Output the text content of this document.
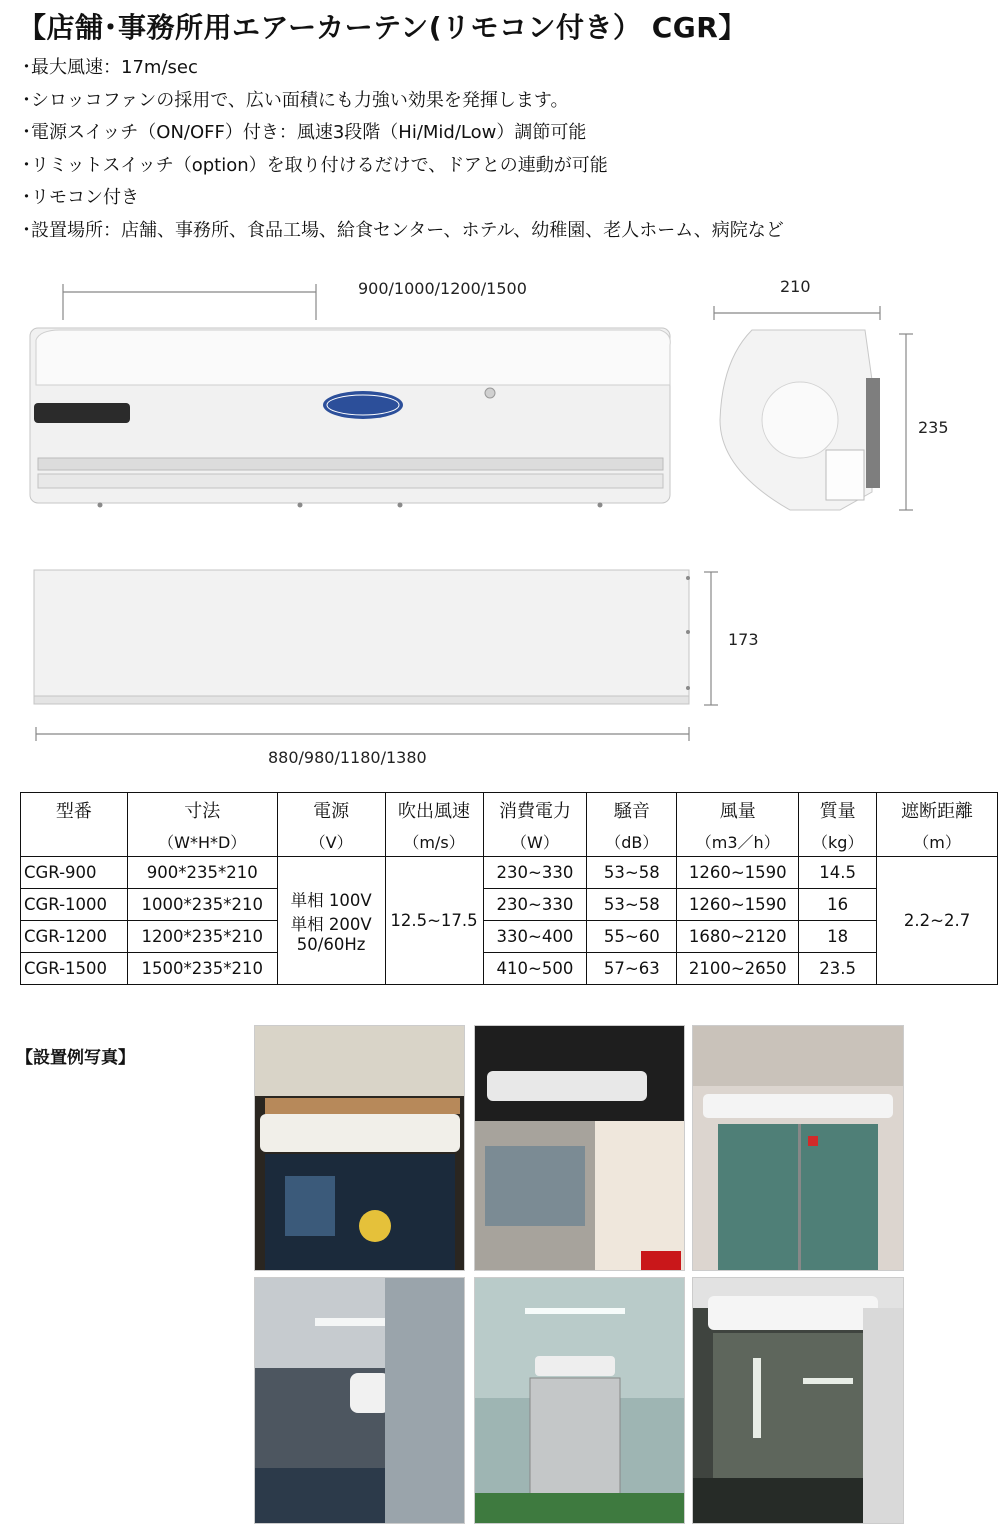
【店舗･事務所用エアーカーテン(リモコン付き） CGR】
･最大風速：17m/sec
･シロッコファンの採用で、広い面積にも力強い効果を発揮します。
･電源スイッチ（ON/OFF）付き：風速3段階（Hi/Mid/Low）調節可能
･リミットスイッチ（option）を取り付けるだけで、ドアとの連動が可能
･リモコン付き
･設置場所：店舗、事務所、食品工場、給食センター、ホテル、幼稚園、老人ホーム、病院など
900/1000/1200/1500	210
235
173
880/980/1180/1380
型番	寸法	電源	吹出風速	消費電力	騒音	風量	質量	遮断距離
	（W*H*D）	（V）	（m/s）	（W）	（dB）	（m3／h）	（kg）	（m）
CGR-900	900*235*210	単相 100V
単相 200V
50/60Hz	12.5~17.5	230~330	53~58	1260~1590	14.5	2.2~2.7
CGR-1000	1000*235*210			230~330	53~58	1260~1590	16	
CGR-1200	1200*235*210			330~400	55~60	1680~2120	18	
CGR-1500	1500*235*210			410~500	57~63	2100~2650	23.5	
【設置例写真】
